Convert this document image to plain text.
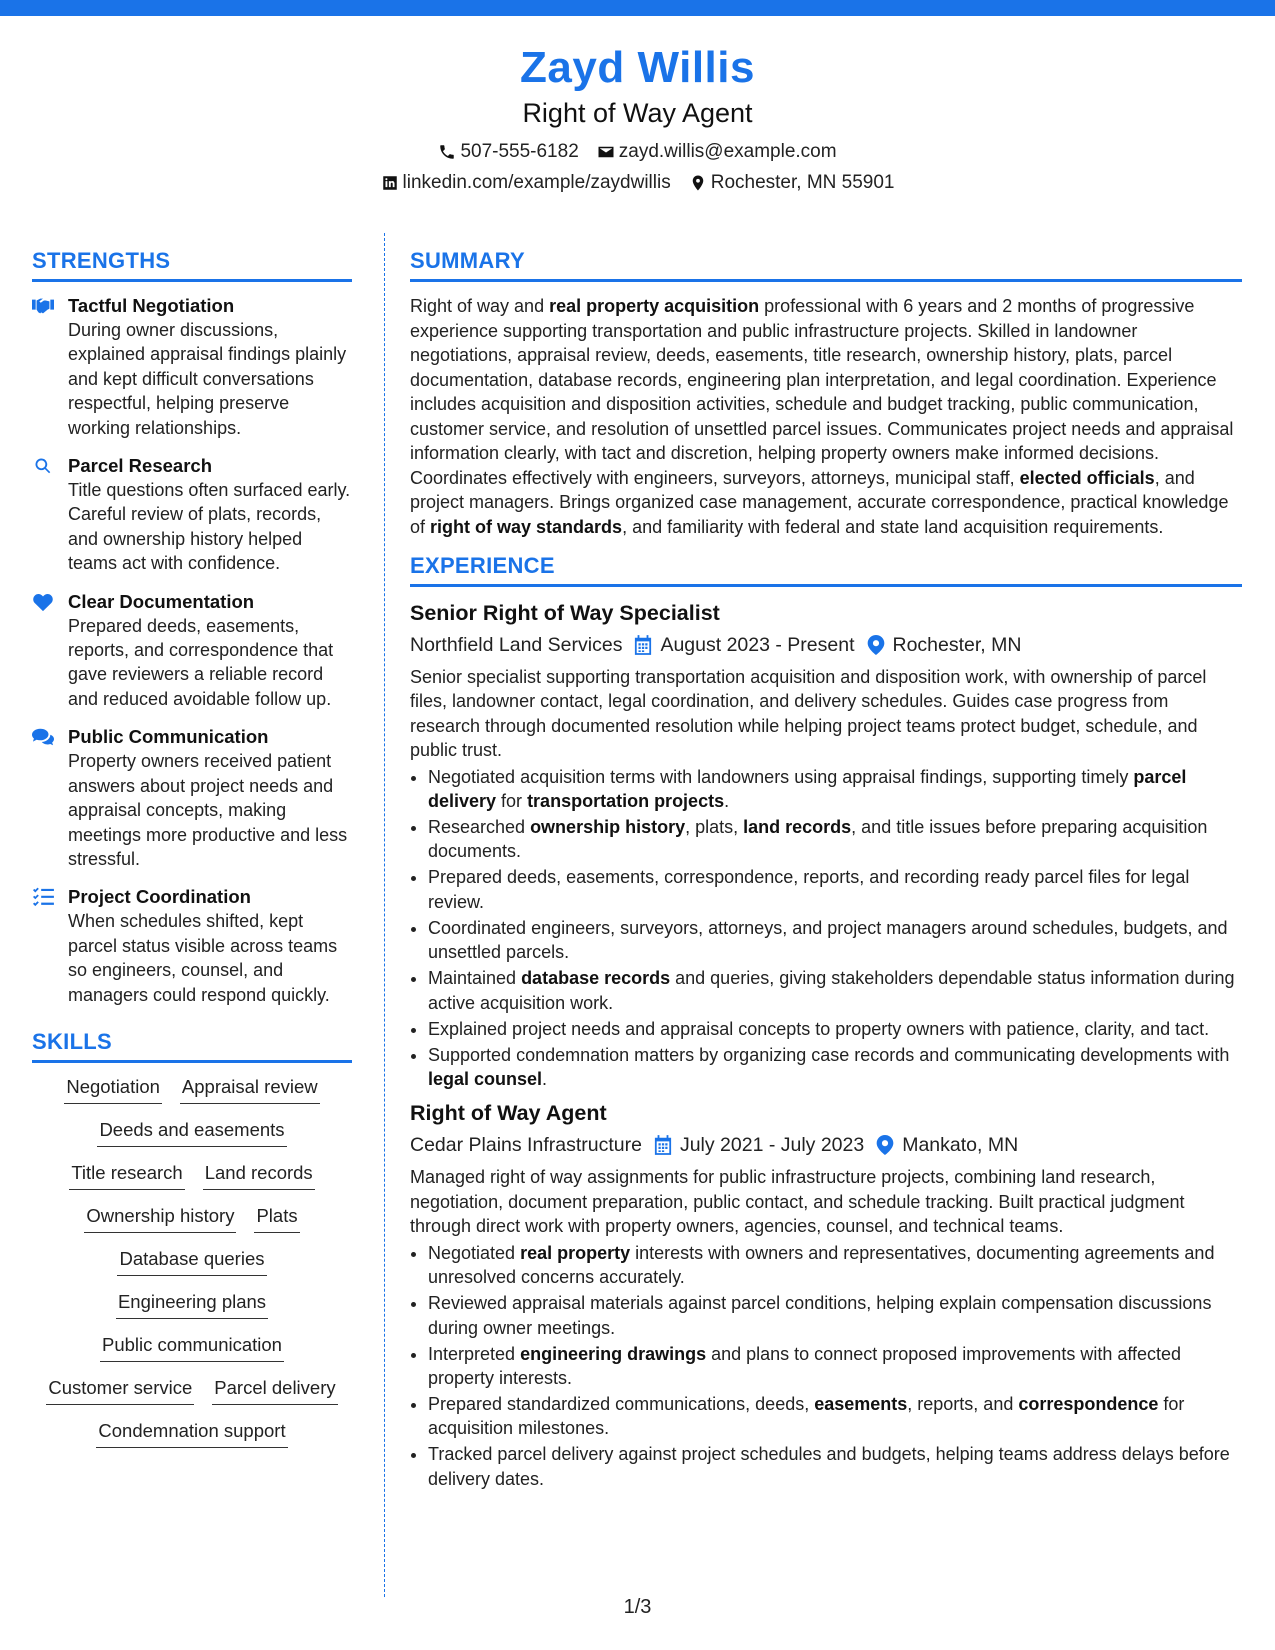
Zayd Willis
Right of Way Agent
507-555-6182 zayd.willis@example.com
linkedin.com/example/zaydwillis Rochester, MN 55901
STRENGTHS
Tactful Negotiation
During owner discussions, explained appraisal findings plainly and kept difficult conversations respectful, helping preserve working relationships.
Parcel Research
Title questions often surfaced early. Careful review of plats, records, and ownership history helped teams act with confidence.
Clear Documentation
Prepared deeds, easements, reports, and correspondence that gave reviewers a reliable record and reduced avoidable follow up.
Public Communication
Property owners received patient answers about project needs and appraisal concepts, making meetings more productive and less stressful.
Project Coordination
When schedules shifted, kept parcel status visible across teams so engineers, counsel, and managers could respond quickly.
SKILLS
Negotiation Appraisal review
Deeds and easements
Title research Land records
Ownership history Plats
Database queries
Engineering plans
Public communication
Customer service Parcel delivery
Condemnation support
SUMMARY

Right of way and real property acquisition professional with 6 years and 2 months of progressive experience supporting transportation and public infrastructure projects. Skilled in landowner negotiations, appraisal review, deeds, easements, title research, ownership history, plats, parcel documentation, database records, engineering plan interpretation, and legal coordination. Experience includes acquisition and disposition activities, schedule and budget tracking, public communication, customer service, and resolution of unsettled parcel issues. Communicates project needs and appraisal information clearly, with tact and discretion, helping property owners make informed decisions. Coordinates effectively with engineers, surveyors, attorneys, municipal staff, elected officials, and project managers. Brings organized case management, accurate correspondence, practical knowledge of right of way standards, and familiarity with federal and state land acquisition requirements.

EXPERIENCE
Senior Right of Way Specialist
Northfield Land Services August 2023 - Present Rochester, MN

Senior specialist supporting transportation acquisition and disposition work, with ownership of parcel files, landowner contact, legal coordination, and delivery schedules. Guides case progress from research through documented resolution while helping project teams protect budget, schedule, and public trust.

• Negotiated acquisition terms with landowners using appraisal findings, supporting timely parcel delivery for transportation projects.
• Researched ownership history, plats, land records, and title issues before preparing acquisition documents.
• Prepared deeds, easements, correspondence, reports, and recording ready parcel files for legal review.
• Coordinated engineers, surveyors, attorneys, and project managers around schedules, budgets, and unsettled parcels.
• Maintained database records and queries, giving stakeholders dependable status information during active acquisition work.
• Explained project needs and appraisal concepts to property owners with patience, clarity, and tact.
• Supported condemnation matters by organizing case records and communicating developments with legal counsel.
Right of Way Agent
Cedar Plains Infrastructure July 2021 - July 2023 Mankato, MN

Managed right of way assignments for public infrastructure projects, combining land research, negotiation, document preparation, public contact, and schedule tracking. Built practical judgment through direct work with property owners, agencies, counsel, and technical teams.

• Negotiated real property interests with owners and representatives, documenting agreements and unresolved concerns accurately.
• Reviewed appraisal materials against parcel conditions, helping explain compensation discussions during owner meetings.
• Interpreted engineering drawings and plans to connect proposed improvements with affected property interests.
• Prepared standardized communications, deeds, easements, reports, and correspondence for acquisition milestones.
• Tracked parcel delivery against project schedules and budgets, helping teams address delays before delivery dates.
1/3
